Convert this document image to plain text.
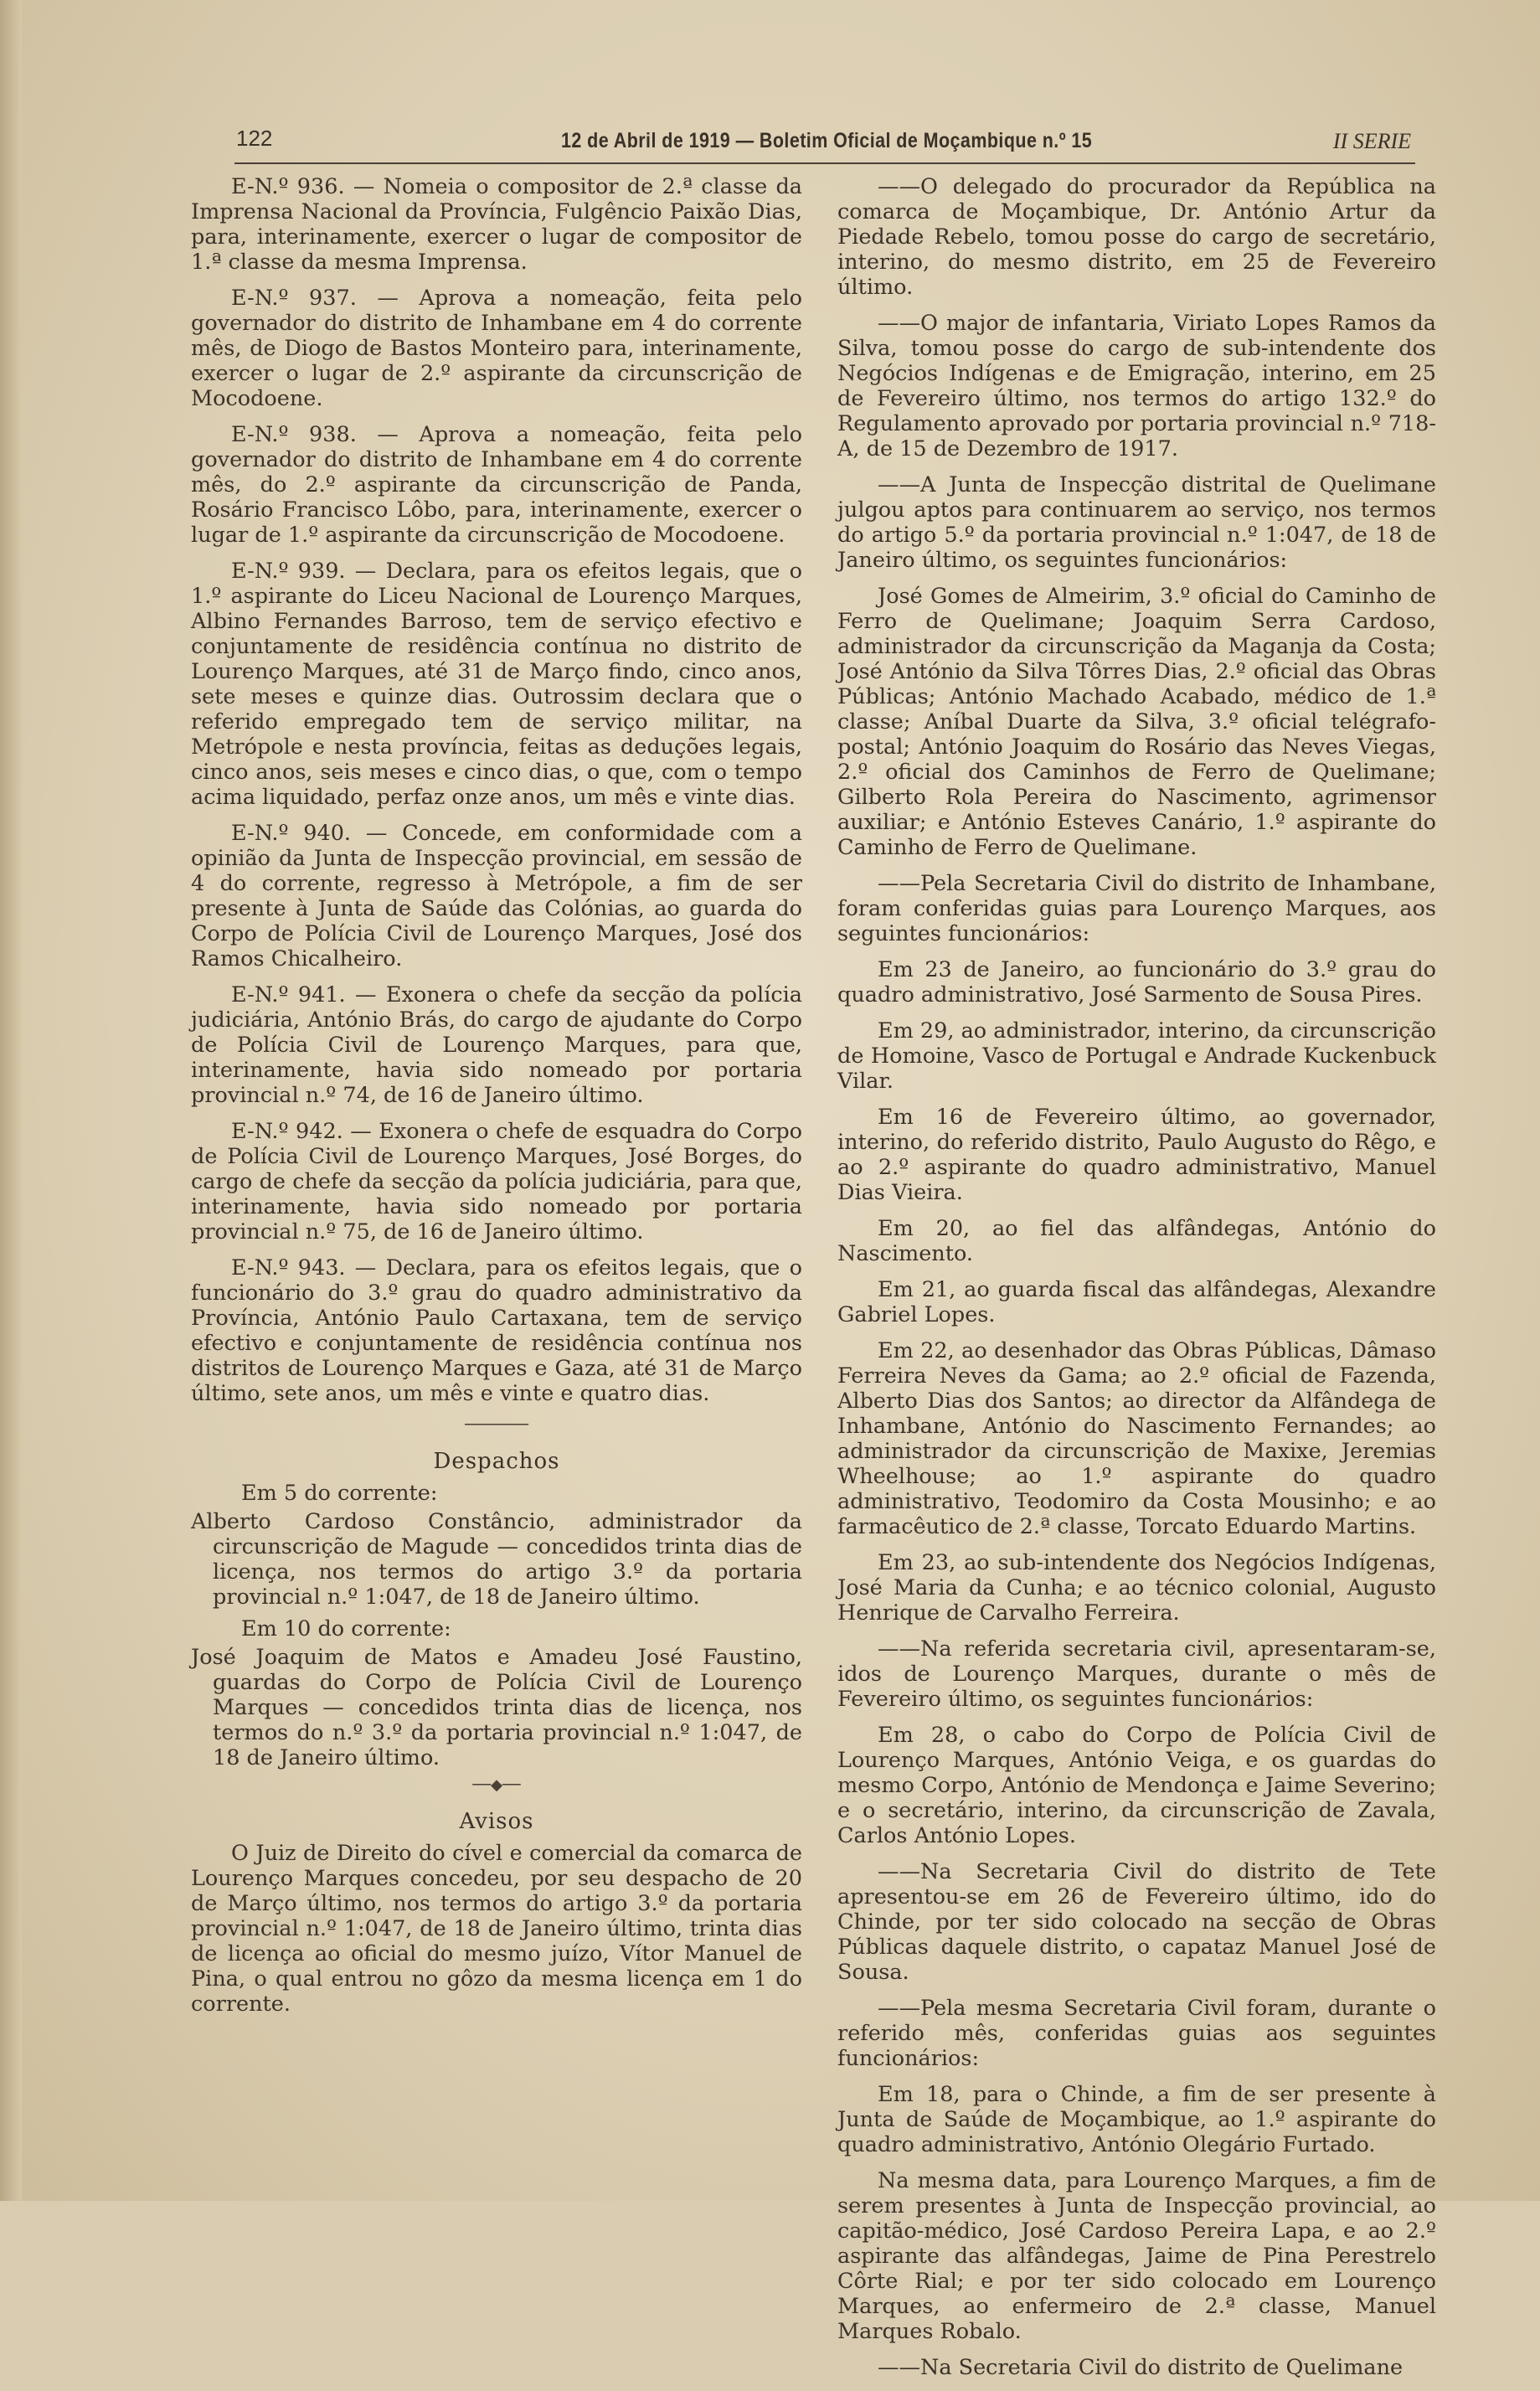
122	12 de Abril de 1919 — Boletim Oficial de Moçambique n.º 15	II SERIE

E-N.º 936. — Nomeia o compositor de 2.ª classe da Imprensa Nacional da Província, Fulgêncio Paixão Dias, para, interinamente, exercer o lugar de compositor de 1.ª classe da mesma Imprensa.

E-N.º 937. — Aprova a nomeação, feita pelo governador do distrito de Inhambane em 4 do corrente mês, de Diogo de Bastos Monteiro para, interinamente, exercer o lugar de 2.º aspirante da circunscrição de Mocodoene.

E-N.º 938. — Aprova a nomeação, feita pelo governador do distrito de Inhambane em 4 do corrente mês, do 2.º aspirante da circunscrição de Panda, Rosário Francisco Lôbo, para, interinamente, exercer o lugar de 1.º aspirante da circunscrição de Mocodoene.

E-N.º 939. — Declara, para os efeitos legais, que o 1.º aspirante do Liceu Nacional de Lourenço Marques, Albino Fernandes Barroso, tem de serviço efectivo e conjuntamente de residência contínua no distrito de Lourenço Marques, até 31 de Março findo, cinco anos, sete meses e quinze dias. Outrossim declara que o referido empregado tem de serviço militar, na Metrópole e nesta província, feitas as deduções legais, cinco anos, seis meses e cinco dias, o que, com o tempo acima liquidado, perfaz onze anos, um mês e vinte dias.

E-N.º 940. — Concede, em conformidade com a opinião da Junta de Inspecção provincial, em sessão de 4 do corrente, regresso à Metrópole, a fim de ser presente à Junta de Saúde das Colónias, ao guarda do Corpo de Polícia Civil de Lourenço Marques, José dos Ramos Chicalheiro.

E-N.º 941. — Exonera o chefe da secção da polícia judiciária, António Brás, do cargo de ajudante do Corpo de Polícia Civil de Lourenço Marques, para que, interinamente, havia sido nomeado por portaria provincial n.º 74, de 16 de Janeiro último.

E-N.º 942. — Exonera o chefe de esquadra do Corpo de Polícia Civil de Lourenço Marques, José Borges, do cargo de chefe da secção da polícia judiciária, para que, interinamente, havia sido nomeado por portaria provincial n.º 75, de 16 de Janeiro último.

E-N.º 943. — Declara, para os efeitos legais, que o funcionário do 3.º grau do quadro administrativo da Província, António Paulo Cartaxana, tem de serviço efectivo e conjuntamente de residência contínua nos distritos de Lourenço Marques e Gaza, até 31 de Março último, sete anos, um mês e vinte e quatro dias.

───────
Despachos
Em 5 do corrente:

Alberto Cardoso Constâncio, administrador da circunscrição de Magude — concedidos trinta dias de licença, nos termos do artigo 3.º da portaria provincial n.º 1:047, de 18 de Janeiro último.

Em 10 do corrente:

José Joaquim de Matos e Amadeu José Faustino, guardas do Corpo de Polícia Civil de Lourenço Marques — concedidos trinta dias de licença, nos termos do n.º 3.º da portaria provincial n.º 1:047, de 18 de Janeiro último.

──◆──
Avisos

O Juiz de Direito do cível e comercial da comarca de Lourenço Marques concedeu, por seu despacho de 20 de Março último, nos termos do artigo 3.º da portaria provincial n.º 1:047, de 18 de Janeiro último, trinta dias de licença ao oficial do mesmo juízo, Vítor Manuel de Pina, o qual entrou no gôzo da mesma licença em 1 do corrente.

——O delegado do procurador da República na comarca de Moçambique, Dr. António Artur da Piedade Rebelo, tomou posse do cargo de secretário, interino, do mesmo distrito, em 25 de Fevereiro último.

——O major de infantaria, Viriato Lopes Ramos da Silva, tomou posse do cargo de sub-intendente dos Negócios Indígenas e de Emigração, interino, em 25 de Fevereiro último, nos termos do artigo 132.º do Regulamento aprovado por portaria provincial n.º 718-A, de 15 de Dezembro de 1917.

——A Junta de Inspecção distrital de Quelimane julgou aptos para continuarem ao serviço, nos termos do artigo 5.º da portaria provincial n.º 1:047, de 18 de Janeiro último, os seguintes funcionários:

José Gomes de Almeirim, 3.º oficial do Caminho de Ferro de Quelimane; Joaquim Serra Cardoso, administrador da circunscrição da Maganja da Costa; José António da Silva Tôrres Dias, 2.º oficial das Obras Públicas; António Machado Acabado, médico de 1.ª classe; Aníbal Duarte da Silva, 3.º oficial telégrafo-postal; António Joaquim do Rosário das Neves Viegas, 2.º oficial dos Caminhos de Ferro de Quelimane; Gilberto Rola Pereira do Nascimento, agrimensor auxiliar; e António Esteves Canário, 1.º aspirante do Caminho de Ferro de Quelimane.

——Pela Secretaria Civil do distrito de Inhambane, foram conferidas guias para Lourenço Marques, aos seguintes funcionários:

Em 23 de Janeiro, ao funcionário do 3.º grau do quadro administrativo, José Sarmento de Sousa Pires.

Em 29, ao administrador, interino, da circunscrição de Homoine, Vasco de Portugal e Andrade Kuckenbuck Vilar.

Em 16 de Fevereiro último, ao governador, interino, do referido distrito, Paulo Augusto do Rêgo, e ao 2.º aspirante do quadro administrativo, Manuel Dias Vieira.

Em 20, ao fiel das alfândegas, António do Nascimento.

Em 21, ao guarda fiscal das alfândegas, Alexandre Gabriel Lopes.

Em 22, ao desenhador das Obras Públicas, Dâmaso Ferreira Neves da Gama; ao 2.º oficial de Fazenda, Alberto Dias dos Santos; ao director da Alfândega de Inhambane, António do Nascimento Fernandes; ao administrador da circunscrição de Maxixe, Jeremias Wheelhouse; ao 1.º aspirante do quadro administrativo, Teodomiro da Costa Mousinho; e ao farmacêutico de 2.ª classe, Torcato Eduardo Martins.

Em 23, ao sub-intendente dos Negócios Indígenas, José Maria da Cunha; e ao técnico colonial, Augusto Henrique de Carvalho Ferreira.

——Na referida secretaria civil, apresentaram-se, idos de Lourenço Marques, durante o mês de Fevereiro último, os seguintes funcionários:

Em 28, o cabo do Corpo de Polícia Civil de Lourenço Marques, António Veiga, e os guardas do mesmo Corpo, António de Mendonça e Jaime Severino; e o secretário, interino, da circunscrição de Zavala, Carlos António Lopes.

——Na Secretaria Civil do distrito de Tete apresentou-se em 26 de Fevereiro último, ido do Chinde, por ter sido colocado na secção de Obras Públicas daquele distrito, o capataz Manuel José de Sousa.

——Pela mesma Secretaria Civil foram, durante o referido mês, conferidas guias aos seguintes funcionários:

Em 18, para o Chinde, a fim de ser presente à Junta de Saúde de Moçambique, ao 1.º aspirante do quadro administrativo, António Olegário Furtado.

Na mesma data, para Lourenço Marques, a fim de serem presentes à Junta de Inspecção provincial, ao capitão-médico, José Cardoso Pereira Lapa, e ao 2.º aspirante das alfândegas, Jaime de Pina Perestrelo Côrte Rial; e por ter sido colocado em Lourenço Marques, ao enfermeiro de 2.ª classe, Manuel Marques Robalo.

——Na Secretaria Civil do distrito de Quelimane
